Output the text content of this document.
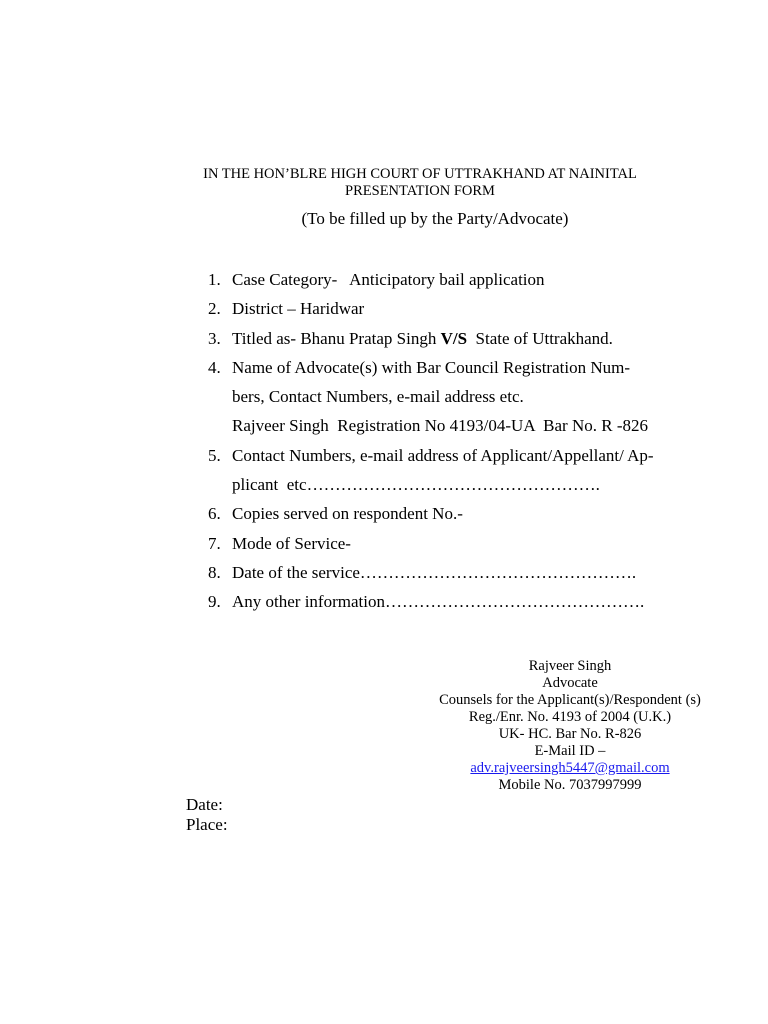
IN THE HON’BLRE HIGH COURT OF UTTRAKHAND AT NAINITAL
PRESENTATION FORM
(To be filled up by the Party/Advocate)
1. Case Category-   Anticipatory bail application
2. District – Haridwar
3. Titled as- Bhanu Pratap Singh V/S  State of Uttrakhand.
4. Name of Advocate(s) with Bar Council Registration Num-
bers, Contact Numbers, e-mail address etc.
Rajveer Singh  Registration No 4193/04-UA  Bar No. R -826
5. Contact Numbers, e-mail address of Applicant/Appellant/ Ap-
plicant  etc…………………………………………….
6. Copies served on respondent No.-
7. Mode of Service-
8. Date of the service………………………………………….
9. Any other information……………………………………….
Rajveer Singh
Advocate
Counsels for the Applicant(s)/Respondent (s)
Reg./Enr. No. 4193 of 2004 (U.K.)
UK- HC. Bar No. R-826
E-Mail ID –
adv.rajveersingh5447@gmail.com
Mobile No. 7037997999
Date:
Place:
